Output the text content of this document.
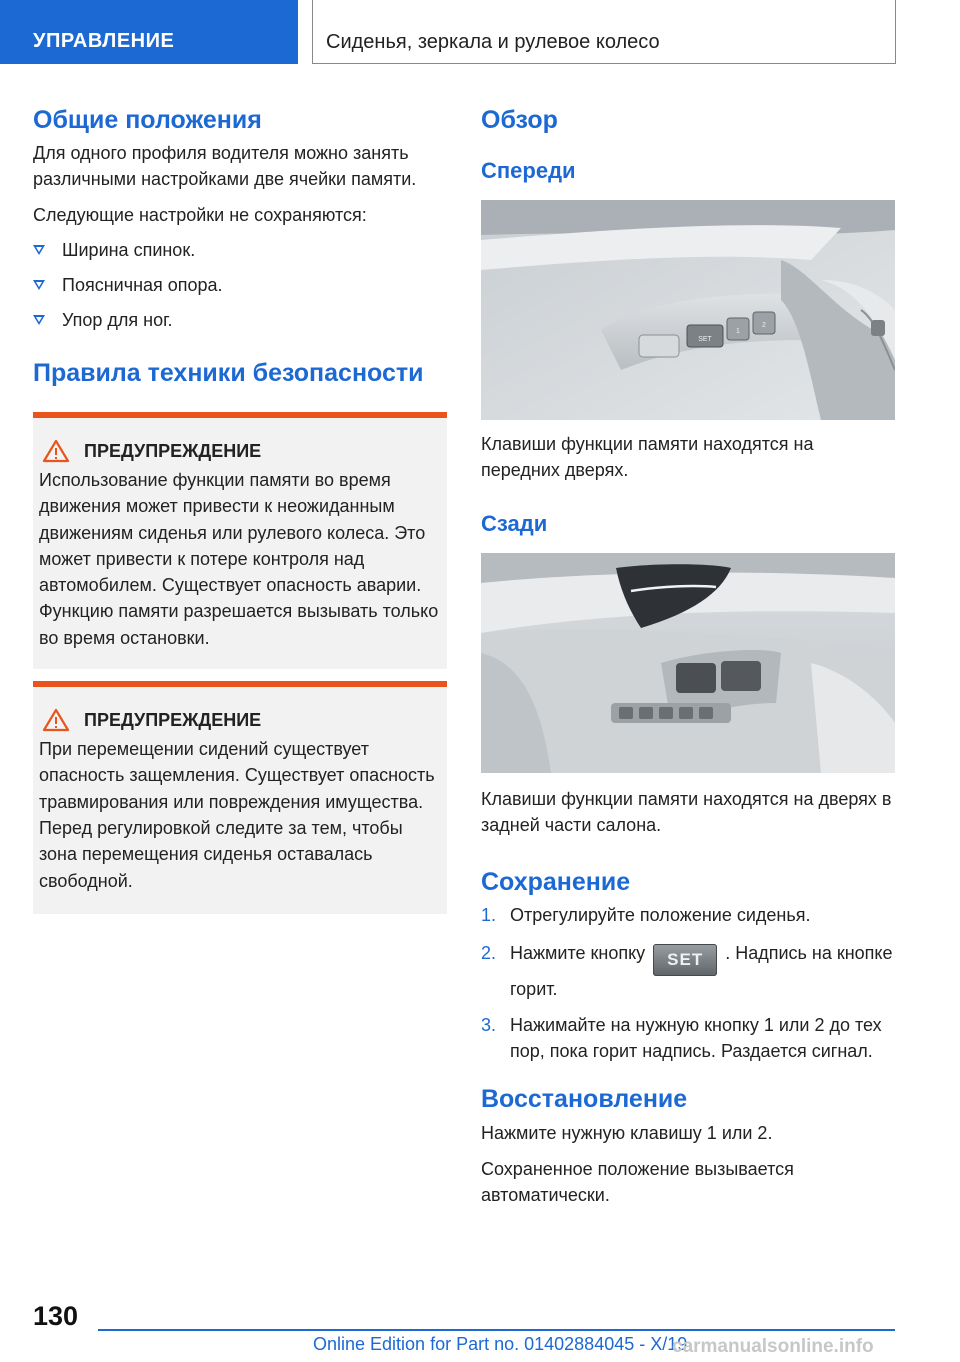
УПРАВЛЕНИЕ	Сиденья, зеркала и рулевое колесо
Общие положения
Для одного профиля водителя можно занять различными настройками две ячейки памяти.
Следующие настройки не сохраняются:
Ширина спинок.
Поясничная опора.
Упор для ног.
Правила техники безопасности
ПРЕДУПРЕЖДЕНИЕ
Использование функции памяти во время движения может привести к неожиданным движениям сиденья или рулевого колеса. Это может привести к потере контроля над автомобилем. Существует опасность аварии. Функцию памяти разрешается вызывать только во время остановки.
ПРЕДУПРЕЖДЕНИЕ
При перемещении сидений существует опасность защемления. Существует опасность травмирования или повреждения имущества. Перед регулировкой следите за тем, чтобы зона перемещения сиденья оставалась свободной.
Обзор
Спереди
SET
1
2
Клавиши функции памяти находятся на передних дверях.
Сзади
Клавиши функции памяти находятся на дверях в задней части салона.
Сохранение
1. Отрегулируйте положение сиденья.
2. Нажмите кнопку SET . Надпись на кнопке горит.
3. Нажимайте на нужную кнопку 1 или 2 до тех пор, пока горит надпись. Раздается сигнал.
Восстановление
Нажмите нужную клавишу 1 или 2.
Сохраненное положение вызывается автоматически.
130
Online Edition for Part no. 01402884045 - X/19
carmanualsonline.info
